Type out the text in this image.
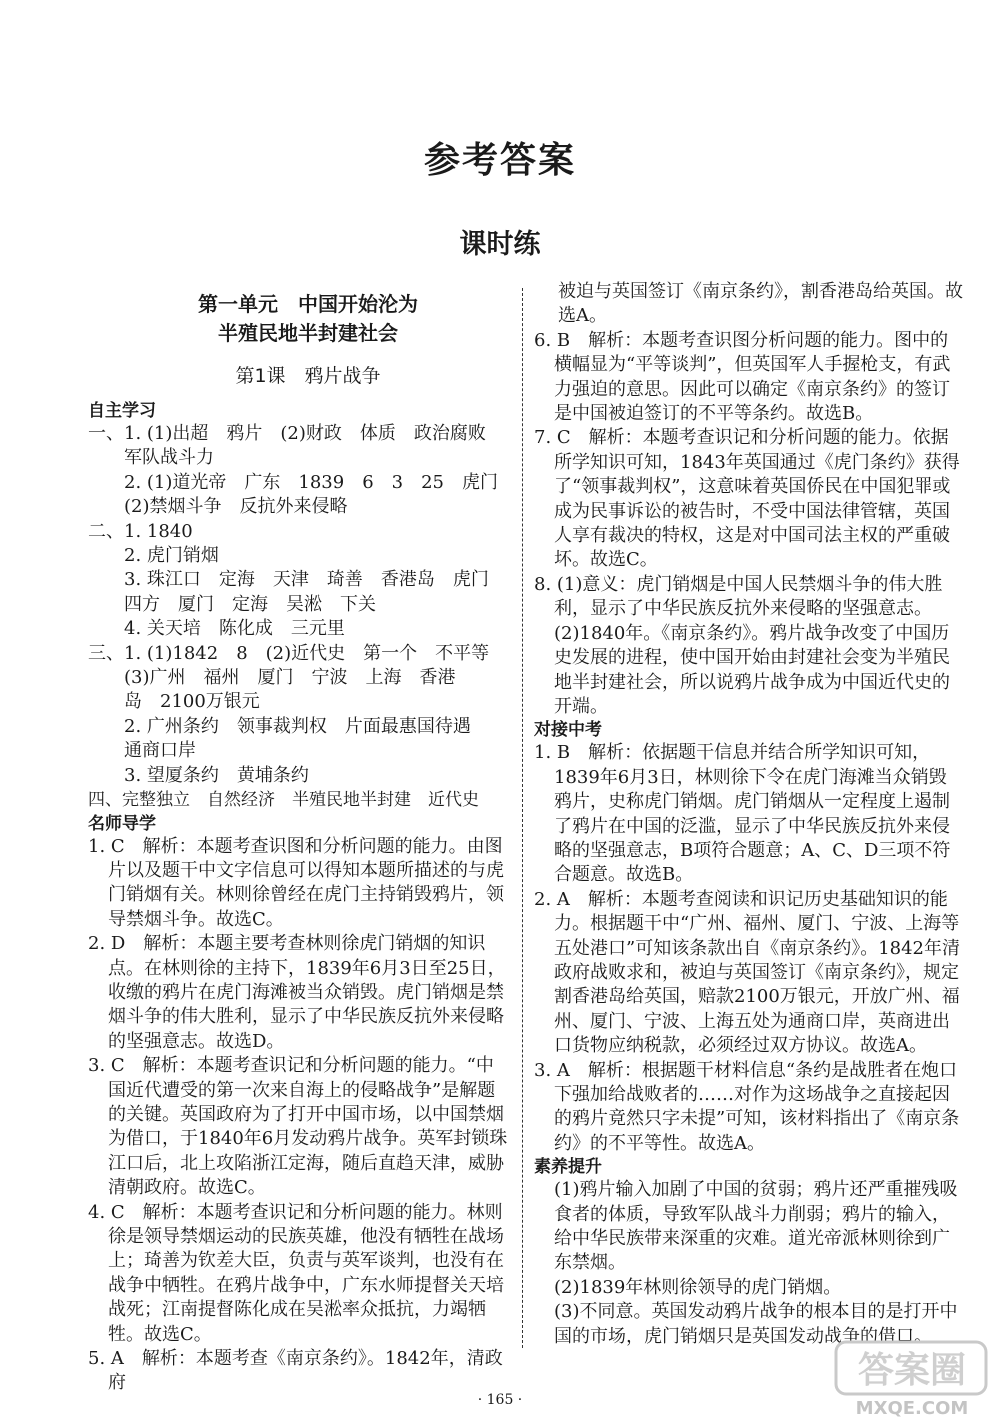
参考答案
课时练
第一单元　中国开始沦为
半殖民地半封建社会
第1课　鸦片战争
自主学习

一、1. (1)出超　鸦片　(2)财政　体质　政治腐败

军队战斗力

2. (1)道光帝　广东　1839　6　3　25　虎门

(2)禁烟斗争　反抗外来侵略

二、1. 1840

2. 虎门销烟

3. 珠江口　定海　天津　琦善　香港岛　虎门

四方　厦门　定海　吴淞　下关

4. 关天培　陈化成　三元里

三、1. (1)1842　8　(2)近代史　第一个　不平等

(3)广州　福州　厦门　宁波　上海　香港

岛　2100万银元

2. 广州条约　领事裁判权　片面最惠国待遇

通商口岸

3. 望厦条约　黄埔条约

四、完整独立　自然经济　半殖民地半封建　近代史

名师导学

1. C　解析：本题考查识图和分析问题的能力。由图片以及题干中文字信息可以得知本题所描述的与虎门销烟有关。林则徐曾经在虎门主持销毁鸦片，领导禁烟斗争。故选C。

2. D　解析：本题主要考查林则徐虎门销烟的知识点。在林则徐的主持下，1839年6月3日至25日，收缴的鸦片在虎门海滩被当众销毁。虎门销烟是禁烟斗争的伟大胜利，显示了中华民族反抗外来侵略的坚强意志。故选D。

3. C　解析：本题考查识记和分析问题的能力。“中国近代遭受的第一次来自海上的侵略战争”是解题的关键。英国政府为了打开中国市场，以中国禁烟为借口，于1840年6月发动鸦片战争。英军封锁珠江口后，北上攻陷浙江定海，随后直趋天津，威胁清朝政府。故选C。

4. C　解析：本题考查识记和分析问题的能力。林则徐是领导禁烟运动的民族英雄，他没有牺牲在战场上；琦善为钦差大臣，负责与英军谈判，也没有在战争中牺牲。在鸦片战争中，广东水师提督关天培战死；江南提督陈化成在吴淞率众抵抗，力竭牺牲。故选C。

5. A　解析：本题考查《南京条约》。1842年，清政府

被迫与英国签订《南京条约》，割香港岛给英国。故选A。

6. B　解析：本题考查识图分析问题的能力。图中的横幅显为“平等谈判”，但英国军人手握枪支，有武力强迫的意思。因此可以确定《南京条约》的签订是中国被迫签订的不平等条约。故选B。

7. C　解析：本题考查识记和分析问题的能力。依据所学知识可知，1843年英国通过《虎门条约》获得了“领事裁判权”，这意味着英国侨民在中国犯罪或成为民事诉讼的被告时，不受中国法律管辖，英国人享有裁决的特权，这是对中国司法主权的严重破坏。故选C。

8. (1)意义：虎门销烟是中国人民禁烟斗争的伟大胜利，显示了中华民族反抗外来侵略的坚强意志。

(2)1840年。《南京条约》。鸦片战争改变了中国历史发展的进程，使中国开始由封建社会变为半殖民地半封建社会，所以说鸦片战争成为中国近代史的开端。

对接中考

1. B　解析：依据题干信息并结合所学知识可知，1839年6月3日，林则徐下令在虎门海滩当众销毁鸦片，史称虎门销烟。虎门销烟从一定程度上遏制了鸦片在中国的泛滥，显示了中华民族反抗外来侵略的坚强意志，B项符合题意；A、C、D三项不符合题意。故选B。

2. A　解析：本题考查阅读和识记历史基础知识的能力。根据题干中“广州、福州、厦门、宁波、上海等五处港口”可知该条款出自《南京条约》。1842年清政府战败求和，被迫与英国签订《南京条约》，规定割香港岛给英国，赔款2100万银元，开放广州、福州、厦门、宁波、上海五处为通商口岸，英商进出口货物应纳税款，必须经过双方协议。故选A。

3. A　解析：根据题干材料信息“条约是战胜者在炮口下强加给战败者的……对作为这场战争之直接起因的鸦片竟然只字未提”可知，该材料指出了《南京条约》的不平等性。故选A。

素养提升

(1)鸦片输入加剧了中国的贫弱；鸦片还严重摧残吸食者的体质，导致军队战斗力削弱；鸦片的输入，给中华民族带来深重的灾难。道光帝派林则徐到广东禁烟。

(2)1839年林则徐领导的虎门销烟。

(3)不同意。英国发动鸦片战争的根本目的是打开中国的市场，虎门销烟只是英国发动战争的借口。

· 165 ·
答案圈
MXQE.COM
